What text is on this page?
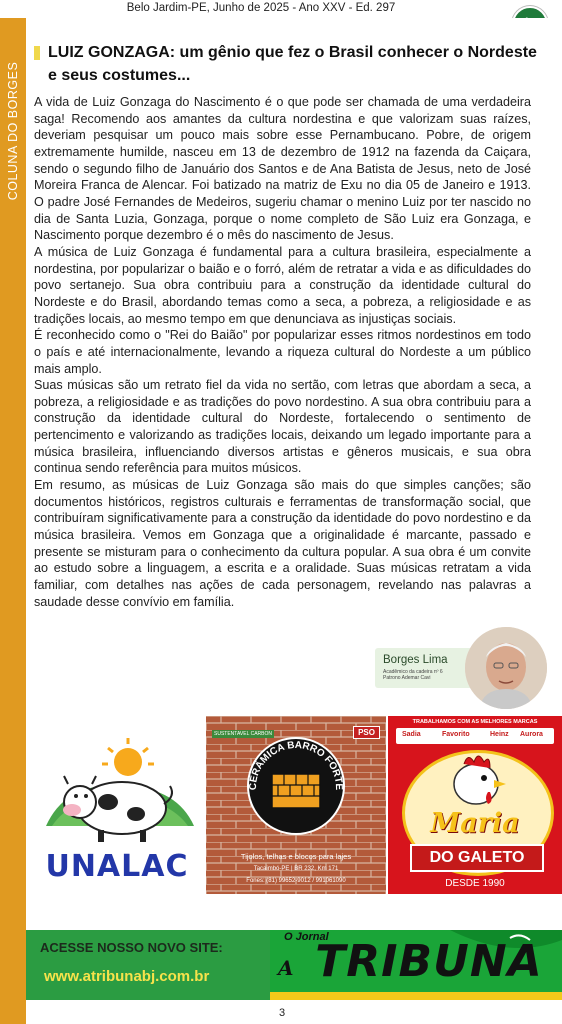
Belo Jardim-PE, Junho de 2025 - Ano XXV - Ed. 297
COLUNA DO BORGES
LUIZ GONZAGA: um gênio que fez o Brasil conhecer o Nordeste e seus costumes...

A vida de Luiz Gonzaga do Nascimento é o que pode ser chamada de uma verdadeira saga! Recomendo aos amantes da cultura nordestina e que valorizam suas raízes, deveriam pesquisar um pouco mais sobre esse Pernambucano. Pobre, de origem extremamente humilde, nasceu em 13 de dezembro de 1912 na fazenda da Caiçara, sendo o segundo filho de Januário dos Santos e de Ana Batista de Jesus, neto de José Moreira Franca de Alencar. Foi batizado na matriz de Exu no dia 05 de Janeiro e 1913. O padre José Fernandes de Medeiros, sugeriu chamar o menino Luiz por ter nascido no dia de Santa Luzia, Gonzaga, porque o nome completo de São Luiz era Gonzaga, e Nascimento porque dezembro é o mês do nascimento de Jesus.

A música de Luiz Gonzaga é fundamental para a cultura brasileira, especialmente a nordestina, por popularizar o baião e o forró, além de retratar a vida e as dificuldades do povo sertanejo. Sua obra contribuiu para a construção da identidade cultural do Nordeste e do Brasil, abordando temas como a seca, a pobreza, a religiosidade e as tradições locais, ao mesmo tempo em que denunciava as injustiças sociais.

É reconhecido como o "Rei do Baião" por popularizar esses ritmos nordestinos em todo o país e até internacionalmente, levando a riqueza cultural do Nordeste a um público mais amplo.

Suas músicas são um retrato fiel da vida no sertão, com letras que abordam a seca, a pobreza, a religiosidade e as tradições do povo nordestino. A sua obra contribuiu para a construção da identidade cultural do Nordeste, fortalecendo o sentimento de pertencimento e valorizando as tradições locais, deixando um legado importante para a música brasileira, influenciando diversos artistas e gêneros musicais, e sua obra continua sendo referência para muitos músicos.

Em resumo, as músicas de Luiz Gonzaga são mais do que simples canções; são documentos históricos, registros culturais e ferramentas de transformação social, que contribuíram significativamente para a construção da identidade do povo nordestino e da música brasileira. Vemos em Gonzaga que a originalidade é marcante, passado e presente se misturam para o conhecimento da cultura popular. A sua obra é um convite ao estudo sobre a linguagem, a escrita e a oralidade. Suas músicas retratam a vida familiar, com detalhes nas ações de cada personagem, revelando nas palavras a saudade desse convívio em família.

Borges Lima
Acadêmico da cadeira nº 6
Patrono Ademar Cavi
UNALAC
CERÂMICA BARRO FORTE
PSO
SUSTENTAVEL CARBON
Tijolos, telhas e blocos para lajes
Tacaimbó-PE | BR 232, Km 171
Fones: (81) 99652-9012 / 991061090
TRABALHAMOS COM AS MELHORES MARCAS
Sadia	Favorito	Heinz Aurora
Maria
DO GALETO
DESDE 1990
ACESSE NOSSO NOVO SITE:
www.atribunabj.com.br
O Jornal
A TRIBUNA
3
